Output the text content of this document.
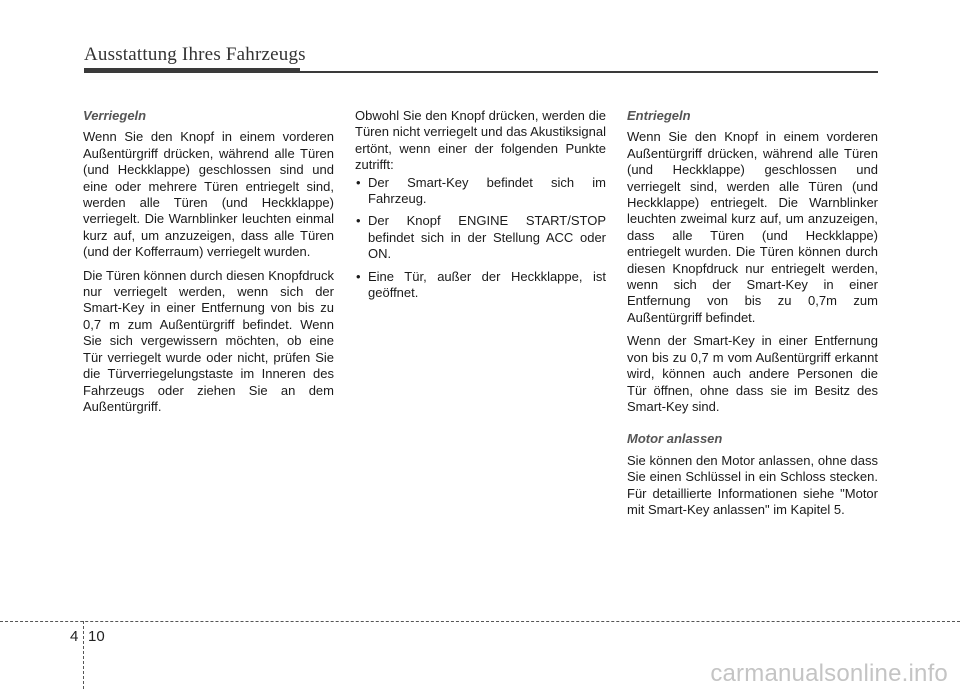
Ausstattung Ihres Fahrzeugs
Verriegeln
Wenn Sie den Knopf in einem vorderen Außentürgriff drücken, während alle Türen (und Heckklappe) geschlossen sind und eine oder mehrere Türen entriegelt sind, werden alle Türen (und Heckklappe) verriegelt. Die Warnblinker leuchten einmal kurz auf, um anzuzeigen, dass alle Türen (und der Kofferraum) verriegelt wurden.
Die Türen können durch diesen Knopfdruck nur verriegelt werden, wenn sich der Smart-Key in einer Entfernung von bis zu 0,7 m zum Außentürgriff befindet. Wenn Sie sich vergewissern möchten, ob eine Tür verriegelt wurde oder nicht, prüfen Sie die Türverriegelungstaste im Inneren des Fahrzeugs oder ziehen Sie an dem Außentürgriff.
Obwohl Sie den Knopf drücken, werden die Türen nicht verriegelt und das Akustiksignal ertönt, wenn einer der folgenden Punkte zutrifft:
• Der Smart-Key befindet sich im Fahrzeug.
• Der Knopf ENGINE START/STOP befindet sich in der Stellung ACC oder ON.
• Eine Tür, außer der Heckklappe, ist geöffnet.
Entriegeln
Wenn Sie den Knopf in einem vorderen Außentürgriff drücken, während alle Türen (und Heckklappe) geschlossen und verriegelt sind, werden alle Türen (und Heckklappe) entriegelt. Die Warnblinker leuchten zweimal kurz auf, um anzuzeigen, dass alle Türen (und Heckklappe) entriegelt wurden. Die Türen können durch diesen Knopfdruck nur entriegelt werden, wenn sich der Smart-Key in einer Entfernung von bis zu 0,7m zum Außentürgriff befindet.
Wenn der Smart-Key in einer Entfernung von bis zu 0,7 m vom Außentürgriff erkannt wird, können auch andere Personen die Tür öffnen, ohne dass sie im Besitz des Smart-Key sind.
Motor anlassen
Sie können den Motor anlassen, ohne dass Sie einen Schlüssel in ein Schloss stecken. Für detaillierte Informationen siehe "Motor mit Smart-Key anlassen" im Kapitel 5.
4 10
carmanualsonline.info
